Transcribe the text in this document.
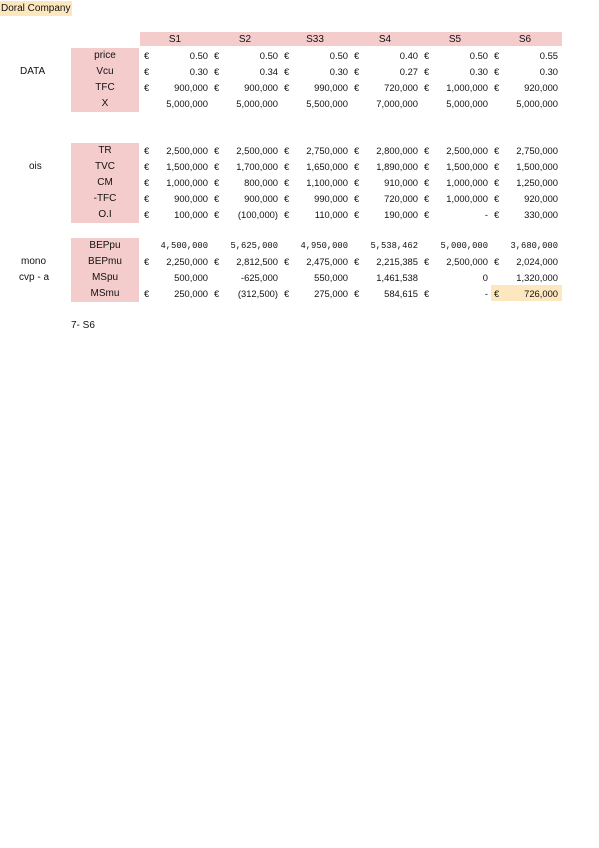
Doral Company
S1	S2	S33	S4	S5	S6
DATA
ois
mono
cvp - a
price	€	0.50 €	0.50 €	0.50 €	0.40 €	0.50 €	0.55
Vcu	€	0.30 €	0.34 €	0.30 €	0.27 €	0.30 €	0.30
TFC	€	900,000 €	900,000 €	990,000 €	720,000 €	1,000,000 €	920,000
X	5,000,000	5,000,000	5,500,000	7,000,000	5,000,000	5,000,000
TR	€	2,500,000 €	2,500,000 €	2,750,000 €	2,800,000 €	2,500,000 €	2,750,000
TVC	€	1,500,000 €	1,700,000 €	1,650,000 €	1,890,000 €	1,500,000 €	1,500,000
CM	€	1,000,000 €	800,000 €	1,100,000 €	910,000 €	1,000,000 €	1,250,000
-TFC	€	900,000 €	900,000 €	990,000 €	720,000 €	1,000,000 €	920,000
O.I	€	100,000 €	(100,000) €	110,000 €	190,000 €	- €	330,000
BEPpu	4,500,000	5,625,000	4,950,000	5,538,462	5,000,000	3,680,000
BEPmu	€	2,250,000 €	2,812,500 €	2,475,000 €	2,215,385 €	2,500,000 €	2,024,000
MSpu	500,000	-625,000	550,000	1,461,538	0	1,320,000
MSmu	€	250,000 €	(312,500) €	275,000 €	584,615 €	- €	726,000
7- S6
